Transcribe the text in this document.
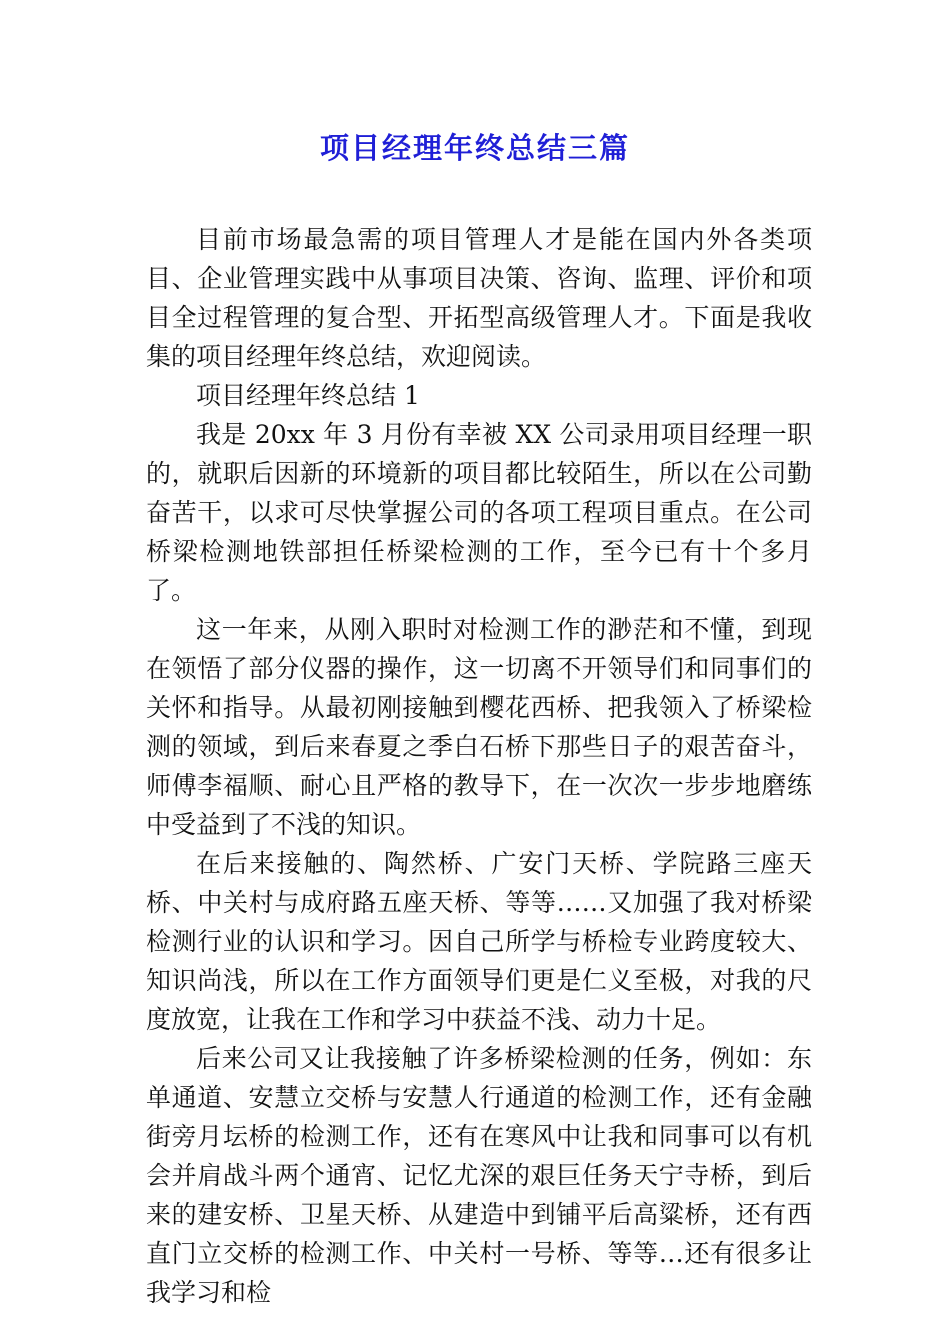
项目经理年终总结三篇

目前市场最急需的项目管理人才是能在国内外各类项目、企业管理实践中从事项目决策、咨询、监理、评价和项目全过程管理的复合型、开拓型高级管理人才。下面是我收集的项目经理年终总结，欢迎阅读。

项目经理年终总结 1

我是 20xx 年 3 月份有幸被 XX 公司录用项目经理一职的，就职后因新的环境新的项目都比较陌生，所以在公司勤奋苦干，以求可尽快掌握公司的各项工程项目重点。在公司桥梁检测地铁部担任桥梁检测的工作，至今已有十个多月了。

这一年来，从刚入职时对检测工作的渺茫和不懂，到现在领悟了部分仪器的操作，这一切离不开领导们和同事们的关怀和指导。从最初刚接触到樱花西桥、把我领入了桥梁检测的领域，到后来春夏之季白石桥下那些日子的艰苦奋斗，师傅李福顺、耐心且严格的教导下，在一次次一步步地磨练中受益到了不浅的知识。

在后来接触的、陶然桥、广安门天桥、学院路三座天桥、中关村与成府路五座天桥、等等……又加强了我对桥梁检测行业的认识和学习。因自己所学与桥检专业跨度较大、知识尚浅，所以在工作方面领导们更是仁义至极，对我的尺度放宽，让我在工作和学习中获益不浅、动力十足。

后来公司又让我接触了许多桥梁检测的任务，例如：东单通道、安慧立交桥与安慧人行通道的检测工作，还有金融街旁月坛桥的检测工作，还有在寒风中让我和同事可以有机会并肩战斗两个通宵、记忆尤深的艰巨任务天宁寺桥，到后来的建安桥、卫星天桥、从建造中到铺平后高粱桥，还有西直门立交桥的检测工作、中关村一号桥、等等…还有很多让我学习和检
